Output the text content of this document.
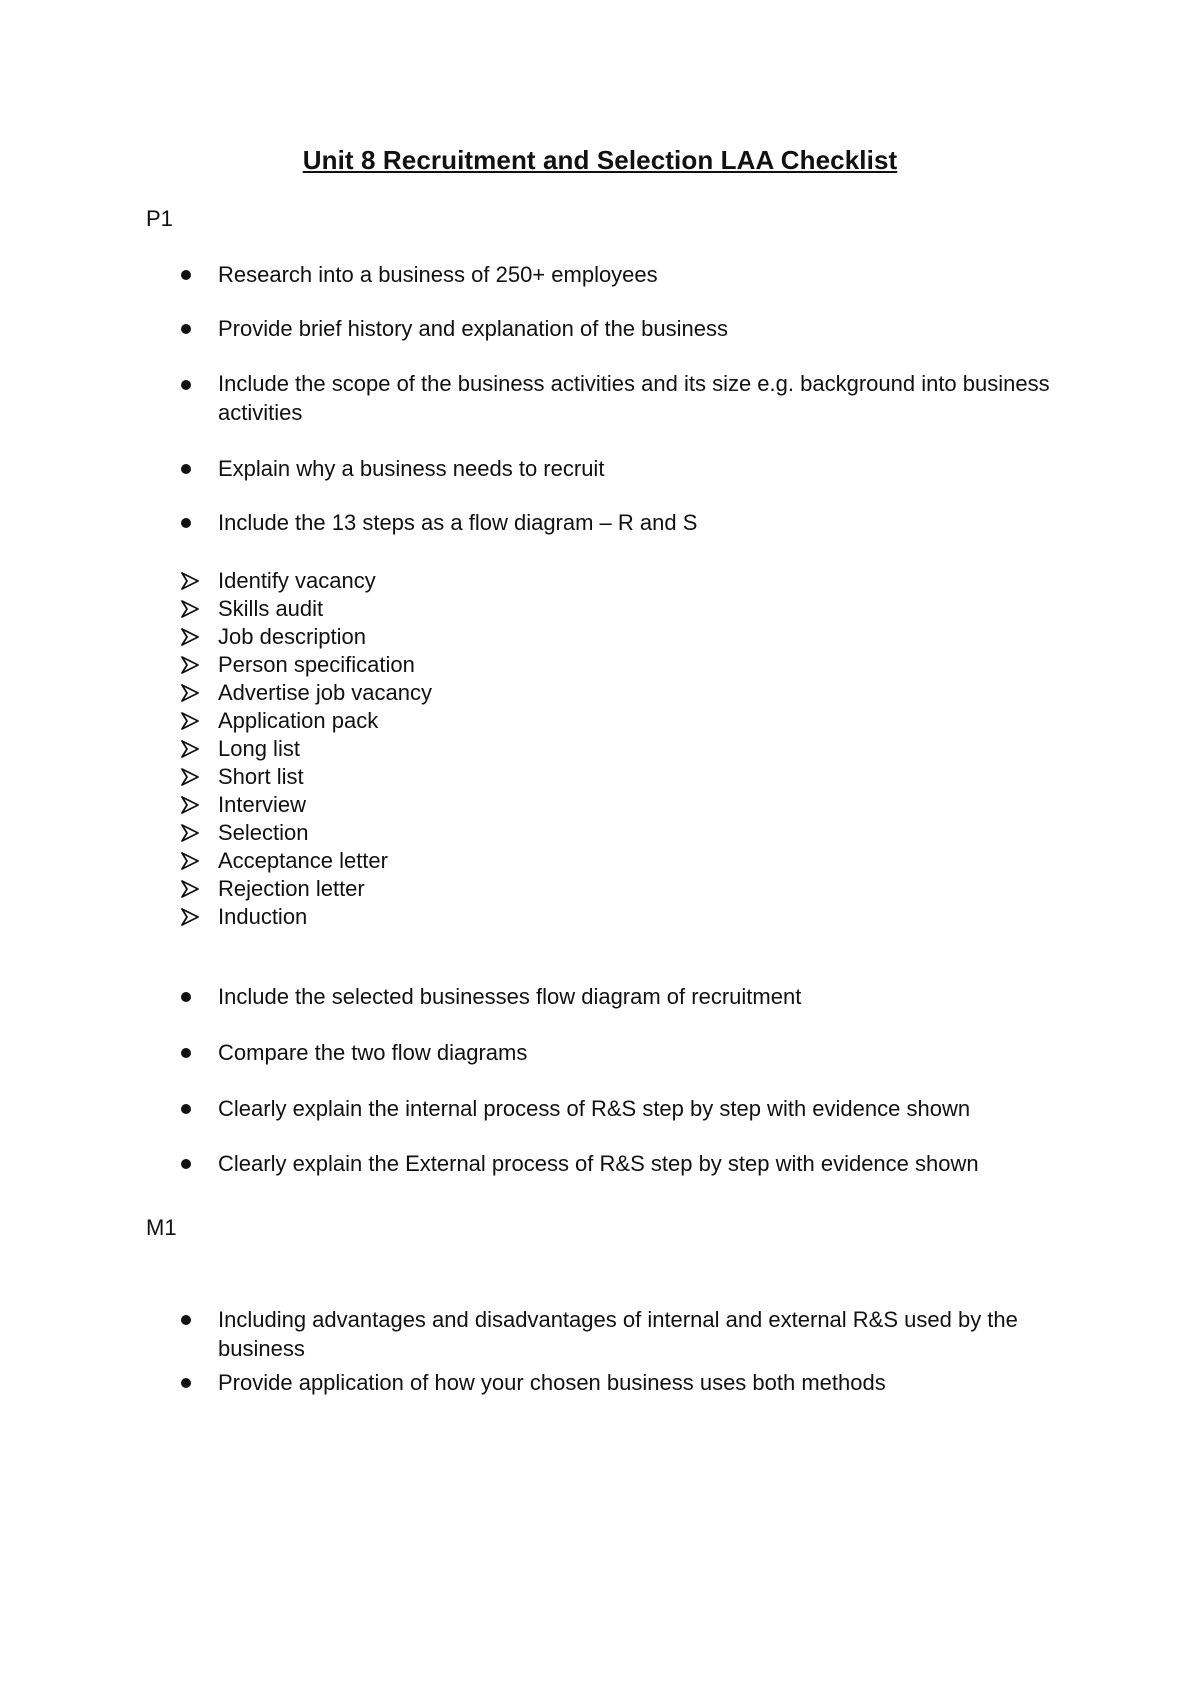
Unit 8 Recruitment and Selection LAA Checklist
P1
Research into a business of 250+ employees
Provide brief history and explanation of the business
Include the scope of the business activities and its size e.g. background into business activities
Explain why a business needs to recruit
Include the 13 steps as a flow diagram – R and S
Identify vacancy
Skills audit
Job description
Person specification
Advertise job vacancy
Application pack
Long list
Short list
Interview
Selection
Acceptance letter
Rejection letter
Induction
Include the selected businesses flow diagram of recruitment
Compare the two flow diagrams
Clearly explain the internal process of R&S step by step with evidence shown
Clearly explain the External process of R&S step by step with evidence shown
M1
Including advantages and disadvantages of internal and external R&S used by the business
Provide application of how your chosen business uses both methods
